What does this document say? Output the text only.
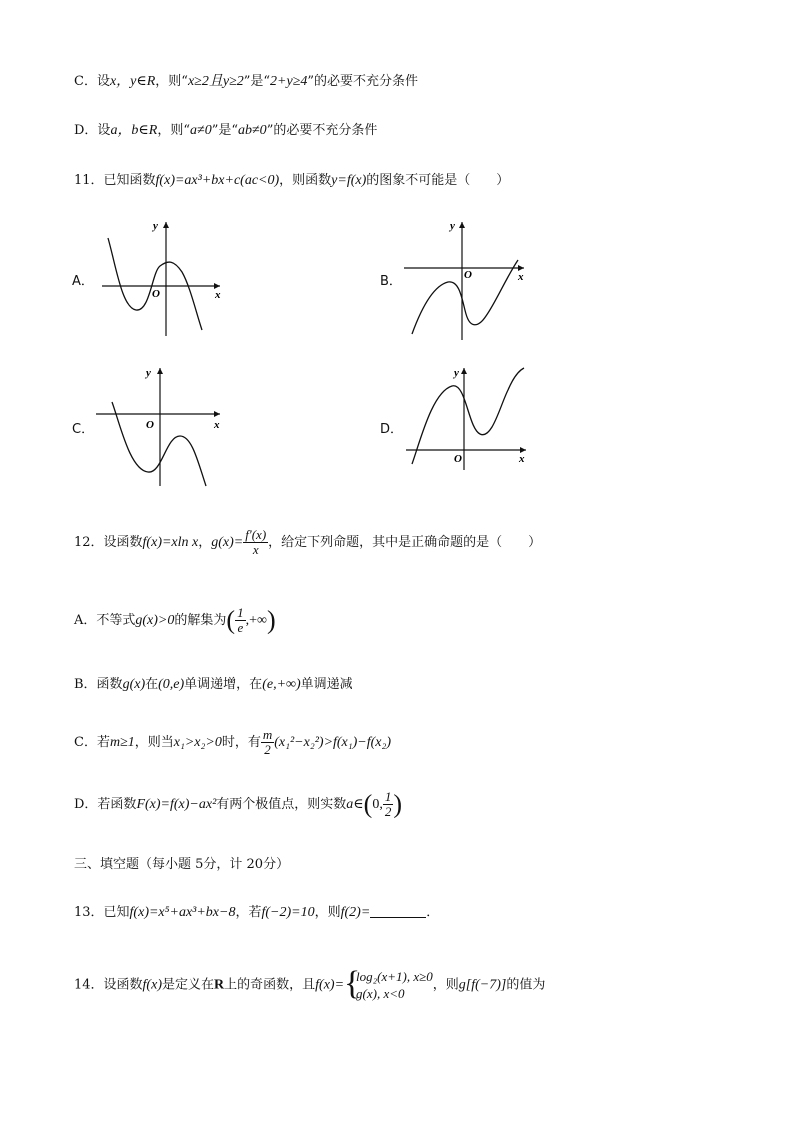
C．设x，y∈R，则“x≥2且y≥2”是“2+y≥4”的必要不充分条件
D．设a，b∈R，则“a≠0”是“ab≠0”的必要不充分条件
11．已知函数f(x)=ax³+bx+c(ac<0)，则函数y=f(x)的图象不可能是（　　）
A．	B．
C．	D．
y
x
O
y
x
O
y
x
O
y
x
O
12．设函数f(x)=xln x，$g(x)= \frac{f'(x)}{x}$ ，给定下列命题，其中是正确命题的是（　　）
A．不等式g(x)>0的解集为( $\frac{1}{e}$ ,+∞)
B．函数g(x)在(0,e)单调递增，在(e,+∞)单调递减
C．若m≥1，则当x₁>x₂>0时，有 $\frac{m}{2} (x_1^2-x_2^2)>f(x_1)-f(x_2)$
D．若函数F(x)=f(x)−ax²有两个极值点，则实数a∈(0, $\frac{1}{2}$ )
三、填空题（每小题 5分，计 20分）
13．已知f(x)=x⁵+ax³+bx−8，若f(−2)=10，则f(2)=	．
14．设函数f(x)是定义在R上的奇函数，且f(x)= {
log₂(x+1), x≥0
g(x), x<0
，则g[f(−7)]的值为
